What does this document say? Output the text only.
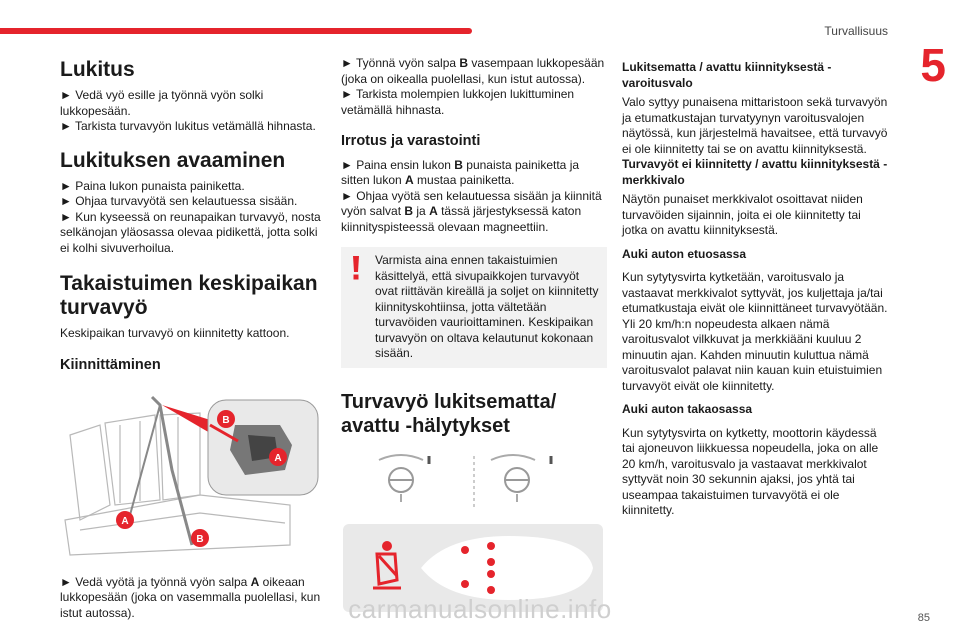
Turvallisuus
5
Lukitus

► Vedä vyö esille ja työnnä vyön solki lukkopesään.

► Tarkista turvavyön lukitus vetämällä hihnasta.

Lukituksen avaaminen

► Paina lukon punaista painiketta.

► Ohjaa turvavyötä sen kelautuessa sisään.

► Kun kyseessä on reunapaikan turvavyö, nosta selkänojan yläosassa olevaa pidikettä, jotta solki ei kolhi sivuverhoilua.

Takaistuimen keskipaikan turvavyö

Keskipaikan turvavyö on kiinnitetty kattoon.

Kiinnittäminen
B
A
A
B

► Vedä vyötä ja työnnä vyön salpa A oikeaan lukkopesään (joka on vasemmalla puolellasi, kun istut autossa).

► Työnnä vyön salpa B vasempaan lukkopesään (joka on oikealla puolellasi, kun istut autossa).

► Tarkista molempien lukkojen lukittuminen vetämällä hihnasta.

Irrotus ja varastointi

► Paina ensin lukon B punaista painiketta ja sitten lukon A mustaa painiketta.

► Ohjaa vyötä sen kelautuessa sisään ja kiinnitä vyön salvat B ja A tässä järjestyksessä katon kiinnityspisteessä olevaan magneettiin.

Varmista aina ennen takaistuimien käsittelyä, että sivupaikkojen turvavyöt ovat riittävän kireällä ja soljet on kiinnitetty kiinnityskohtiinsa, jotta vältetään turvavöiden vaurioittaminen. Keskipaikan turvavyön on oltava kelautunut kokonaan sisään.

Turvavyö lukitsematta/ avattu -hälytykset

Lukitsematta / avattu kiinnityksestä -varoitusvalo

Valo syttyy punaisena mittaristoon sekä turvavyön ja etumatkustajan turvatyynyn varoitusvalojen näytössä, kun järjestelmä havaitsee, että turvavyö ei ole kiinnitetty tai se on avattu kiinnityksestä.

Turvavyöt ei kiinnitetty / avattu kiinnityksestä -merkkivalo

Näytön punaiset merkkivalot osoittavat niiden turvavöiden sijainnin, joita ei ole kiinnitetty tai jotka on avattu kiinnityksestä.

Auki auton etuosassa

Kun sytytysvirta kytketään, varoitusvalo ja vastaavat merkkivalot syttyvät, jos kuljettaja ja/tai etumatkustaja eivät ole kiinnittäneet turvavyötään.

Yli 20 km/h:n nopeudesta alkaen nämä varoitusvalot vilkkuvat ja merkkiääni kuuluu 2 minuutin ajan. Kahden minuutin kuluttua nämä varoitusvalot palavat niin kauan kuin etuistuimien turvavyöt eivät ole kiinnitetty.

Auki auton takaosassa

Kun sytytysvirta on kytketty, moottorin käydessä tai ajoneuvon liikkuessa nopeudella, joka on alle 20 km/h, varoitusvalo ja vastaavat merkkivalot syttyvät noin 30 sekunnin ajaksi, jos yhtä tai useampaa takaistuimen turvavyötä ei ole kiinnitetty.

carmanualsonline.info	85
